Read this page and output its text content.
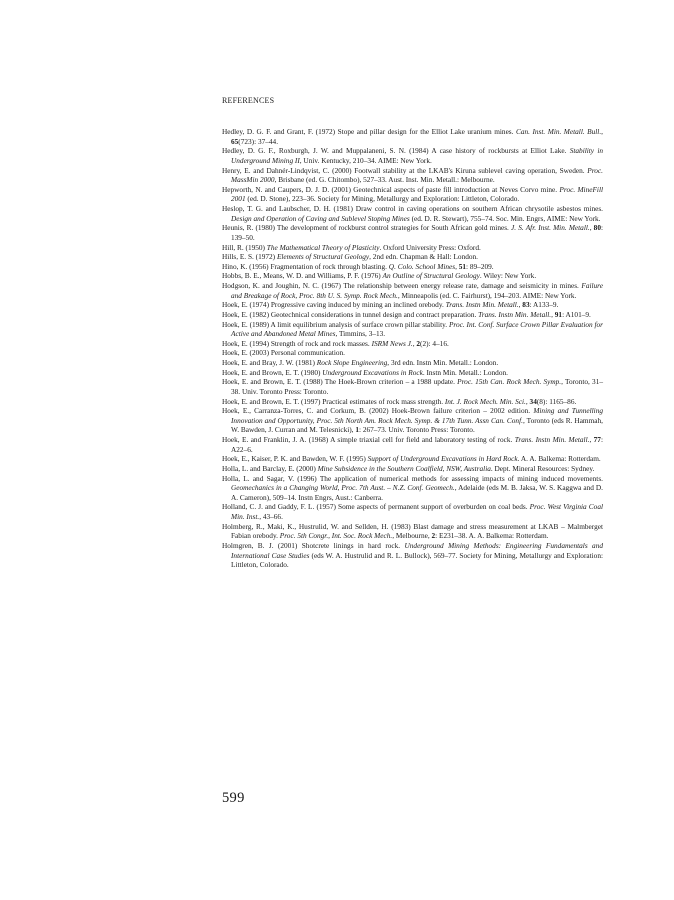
REFERENCES
Hedley, D. G. F. and Grant, F. (1972) Stope and pillar design for the Elliot Lake uranium mines. Can. Inst. Min. Metall. Bull., 65(723): 37–44.
Hedley, D. G. F., Roxburgh, J. W. and Muppalaneni, S. N. (1984) A case history of rockbursts at Elliot Lake. Stability in Underground Mining II, Univ. Kentucky, 210–34. AIME: New York.
Henry, E. and Dahnér-Lindqvist, C. (2000) Footwall stability at the LKAB's Kiruna sublevel caving operation, Sweden. Proc. MassMin 2000, Brisbane (ed. G. Chitombo), 527–33. Aust. Inst. Min. Metall.: Melbourne.
Hepworth, N. and Caupers, D. J. D. (2001) Geotechnical aspects of paste fill introduction at Neves Corvo mine. Proc. MineFill 2001 (ed. D. Stone), 223–36. Society for Mining, Metallurgy and Exploration: Littleton, Colorado.
Heslop, T. G. and Laubscher, D. H. (1981) Draw control in caving operations on southern African chrysotile asbestos mines. Design and Operation of Caving and Sublevel Stoping Mines (ed. D. R. Stewart), 755–74. Soc. Min. Engrs, AIME: New York.
Heunis, R. (1980) The development of rockburst control strategies for South African gold mines. J. S. Afr. Inst. Min. Metall., 80: 139–50.
Hill, R. (1950) The Mathematical Theory of Plasticity. Oxford University Press: Oxford.
Hills, E. S. (1972) Elements of Structural Geology, 2nd edn. Chapman & Hall: London.
Hino, K. (1956) Fragmentation of rock through blasting. Q. Colo. School Mines, 51: 89–209.
Hobbs, B. E., Means, W. D. and Williams, P. F. (1976) An Outline of Structural Geology. Wiley: New York.
Hodgson, K. and Joughin, N. C. (1967) The relationship between energy release rate, damage and seismicity in mines. Failure and Breakage of Rock, Proc. 8th U. S. Symp. Rock Mech., Minneapolis (ed. C. Fairhurst), 194–203. AIME: New York.
Hoek, E. (1974) Progressive caving induced by mining an inclined orebody. Trans. Instn Min. Metall., 83: A133–9.
Hoek, E. (1982) Geotechnical considerations in tunnel design and contract preparation. Trans. Instn Min. Metall., 91: A101–9.
Hoek, E. (1989) A limit equilibrium analysis of surface crown pillar stability. Proc. Int. Conf. Surface Crown Pillar Evaluation for Active and Abandoned Metal Mines, Timmins, 3–13.
Hoek, E. (1994) Strength of rock and rock masses. ISRM News J., 2(2): 4–16.
Hoek, E. (2003) Personal communication.
Hoek, E. and Bray, J. W. (1981) Rock Slope Engineering, 3rd edn. Instn Min. Metall.: London.
Hoek, E. and Brown, E. T. (1980) Underground Excavations in Rock. Instn Min. Metall.: London.
Hoek, E. and Brown, E. T. (1988) The Hoek-Brown criterion – a 1988 update. Proc. 15th Can. Rock Mech. Symp., Toronto, 31–38. Univ. Toronto Press: Toronto.
Hoek, E. and Brown, E. T. (1997) Practical estimates of rock mass strength. Int. J. Rock Mech. Min. Sci., 34(8): 1165–86.
Hoek, E., Carranza-Torres, C. and Corkum, B. (2002) Hoek-Brown failure criterion – 2002 edition. Mining and Tunnelling Innovation and Opportunity, Proc. 5th North Am. Rock Mech. Symp. & 17th Tunn. Assn Can. Conf., Toronto (eds R. Hammah, W. Bawden, J. Curran and M. Telesnicki), 1: 267–73. Univ. Toronto Press: Toronto.
Hoek, E. and Franklin, J. A. (1968) A simple triaxial cell for field and laboratory testing of rock. Trans. Instn Min. Metall., 77: A22–6.
Hoek, E., Kaiser, P. K. and Bawden, W. F. (1995) Support of Underground Excavations in Hard Rock. A. A. Balkema: Rotterdam.
Holla, L. and Barclay, E. (2000) Mine Subsidence in the Southern Coalfield, NSW, Australia. Dept. Mineral Resources: Sydney.
Holla, L. and Sagar, V. (1996) The application of numerical methods for assessing impacts of mining induced movements. Geomechanics in a Changing World, Proc. 7th Aust. – N.Z. Conf. Geomech., Adelaide (eds M. B. Jaksa, W. S. Kaggwa and D. A. Cameron), 509–14. Instn Engrs, Aust.: Canberra.
Holland, C. J. and Gaddy, F. L. (1957) Some aspects of permanent support of overburden on coal beds. Proc. West Virginia Coal Min. Inst., 43–66.
Holmberg, R., Maki, K., Hustrulid, W. and Sellden, H. (1983) Blast damage and stress measurement at LKAB – Malmberget Fabian orebody. Proc. 5th Congr., Int. Soc. Rock Mech., Melbourne, 2: E231–38. A. A. Balkema: Rotterdam.
Holmgren, B. J. (2001) Shotcrete linings in hard rock. Underground Mining Methods: Engineering Fundamentals and International Case Studies (eds W. A. Hustrulid and R. L. Bullock), 569–77. Society for Mining, Metallurgy and Exploration: Littleton, Colorado.
599
